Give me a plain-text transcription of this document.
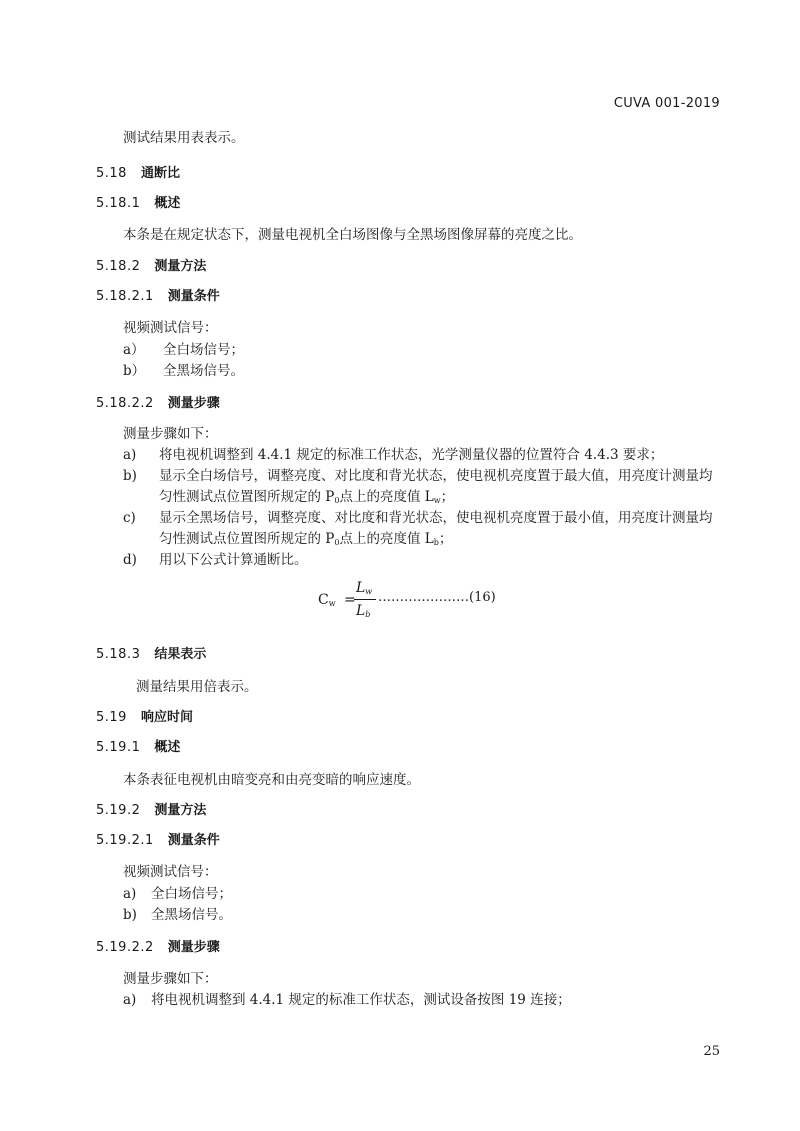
CUVA 001-2019
测试结果用表表示。
5.18 通断比
5.18.1 概述
本条是在规定状态下，测量电视机全白场图像与全黑场图像屏幕的亮度之比。
5.18.2 测量方法
5.18.2.1 测量条件
视频测试信号：
a） 全白场信号；
b） 全黑场信号。
5.18.2.2 测量步骤
测量步骤如下：
a) 将电视机调整到 4.4.1 规定的标准工作状态，光学测量仪器的位置符合 4.4.3 要求；
b) 显示全白场信号，调整亮度、对比度和背光状态，使电视机亮度置于最大值，用亮度计测量均
匀性测试点位置图所规定的 $P_0$点上的亮度值 $L_w$；
c) 显示全黑场信号，调整亮度、对比度和背光状态，使电视机亮度置于最小值，用亮度计测量均
匀性测试点位置图所规定的 $P_0$点上的亮度值 $L_b$；
d) 用以下公式计算通断比。
$C_w$ =
$L_w$
$L_b$
…………………(16)
5.18.3 结果表示
测量结果用倍表示。
5.19 响应时间
5.19.1 概述
本条表征电视机由暗变亮和由亮变暗的响应速度。
5.19.2 测量方法
5.19.2.1 测量条件
视频测试信号：
a) 全白场信号；
b) 全黑场信号。
5.19.2.2 测量步骤
测量步骤如下：
a) 将电视机调整到 4.4.1 规定的标准工作状态，测试设备按图 19 连接；
25
